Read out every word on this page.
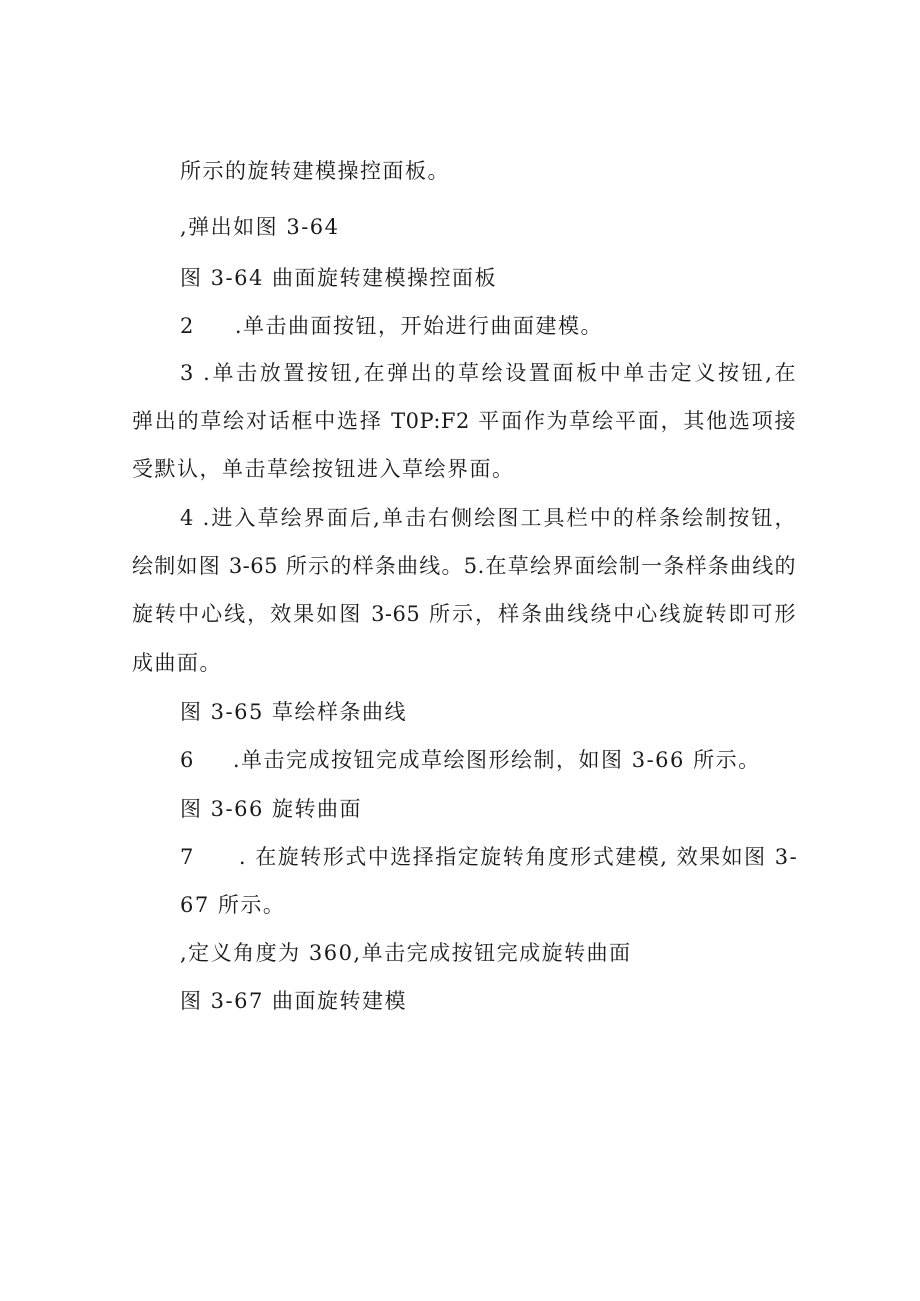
所示的旋转建模操控面板。
,弹出如图 3-64
图 3-64 曲面旋转建模操控面板
2 .单击曲面按钮，开始进行曲面建模。
3 .单击放置按钮,在弹出的草绘设置面板中单击定义按钮,在
弹出的草绘对话框中选择 T0P:F2 平面作为草绘平面，其他选项接
受默认，单击草绘按钮进入草绘界面。
4 .进入草绘界面后,单击右侧绘图工具栏中的样条绘制按钮，
绘制如图 3-65 所示的样条曲线。5.在草绘界面绘制一条样条曲线的
旋转中心线，效果如图 3-65 所示，样条曲线绕中心线旋转即可形
成曲面。
图 3-65 草绘样条曲线
6 .单击完成按钮完成草绘图形绘制，如图 3-66 所示。
图 3-66 旋转曲面
7 . 在旋转形式中选择指定旋转角度形式建模, 效果如图 3-
67 所示。
,定义角度为 360,单击完成按钮完成旋转曲面
图 3-67 曲面旋转建模
